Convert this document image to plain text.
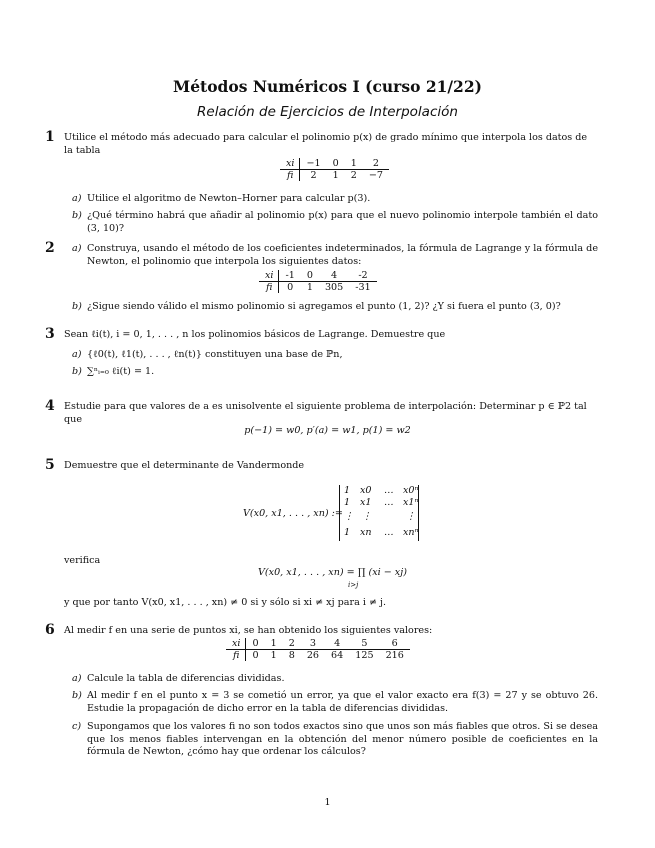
Métodos Numéricos I (curso 21/22)
Relación de Ejercicios de Interpolación
1 Utilice el método más adecuado para calcular el polinomio p(x) de grado mínimo que interpola los datos de la tabla
xi	−1	0	1	2
fi	2	1	2	−7
a) Utilice el algoritmo de Newton–Horner para calcular p(3).
b) ¿Qué término habrá que añadir al polinomio p(x) para que el nuevo polinomio interpole también el dato (3, 10)?
2 a) Construya, usando el método de los coeficientes indeterminados, la fórmula de Lagrange y la fórmula de Newton, el polinomio que interpola los siguientes datos:
xi	-1	0	4	-2
fi	0	1	305	-31
b) ¿Sigue siendo válido el mismo polinomio si agregamos el punto (1, 2)? ¿Y si fuera el punto (3, 0)?
3 Sean ℓi(t), i = 0, 1, . . . , n los polinomios básicos de Lagrange. Demuestre que
a) {ℓ0(t), ℓ1(t), . . . , ℓn(t)} constituyen una base de ℙn,
b) ∑ⁿᵢ₌₀ ℓi(t) = 1.
4 Estudie para que valores de a es unisolvente el siguiente problema de interpolación: Determinar p ∈ ℙ2 tal que
p(−1) = w0, p′(a) = w1, p(1) = w2
5 Demuestre que el determinante de Vandermonde
V(x0, x1, . . . , xn) :=
1 x0 … x0ⁿ
1 x1 … x1ⁿ
⋮ ⋮	⋮
1 xn … xnⁿ
verifica
V(x0, x1, . . . , xn) = ∏ (xi − xj)
i>j
y que por tanto V(x0, x1, . . . , xn) ≠ 0 si y sólo si xi ≠ xj para i ≠ j.
6 Al medir f en una serie de puntos xi, se han obtenido los siguientes valores:
xi	0	1	2	3	4	5	6
fi	0	1	8	26	64	125	216
a) Calcule la tabla de diferencias divididas.
b) Al medir f en el punto x = 3 se cometió un error, ya que el valor exacto era f(3) = 27 y se obtuvo 26. Estudie la propagación de dicho error en la tabla de diferencias divididas.
c) Supongamos que los valores fi no son todos exactos sino que unos son más fiables que otros. Si se desea que los menos fiables intervengan en la obtención del menor número posible de coeficientes en la fórmula de Newton, ¿cómo hay que ordenar los cálculos?
1
